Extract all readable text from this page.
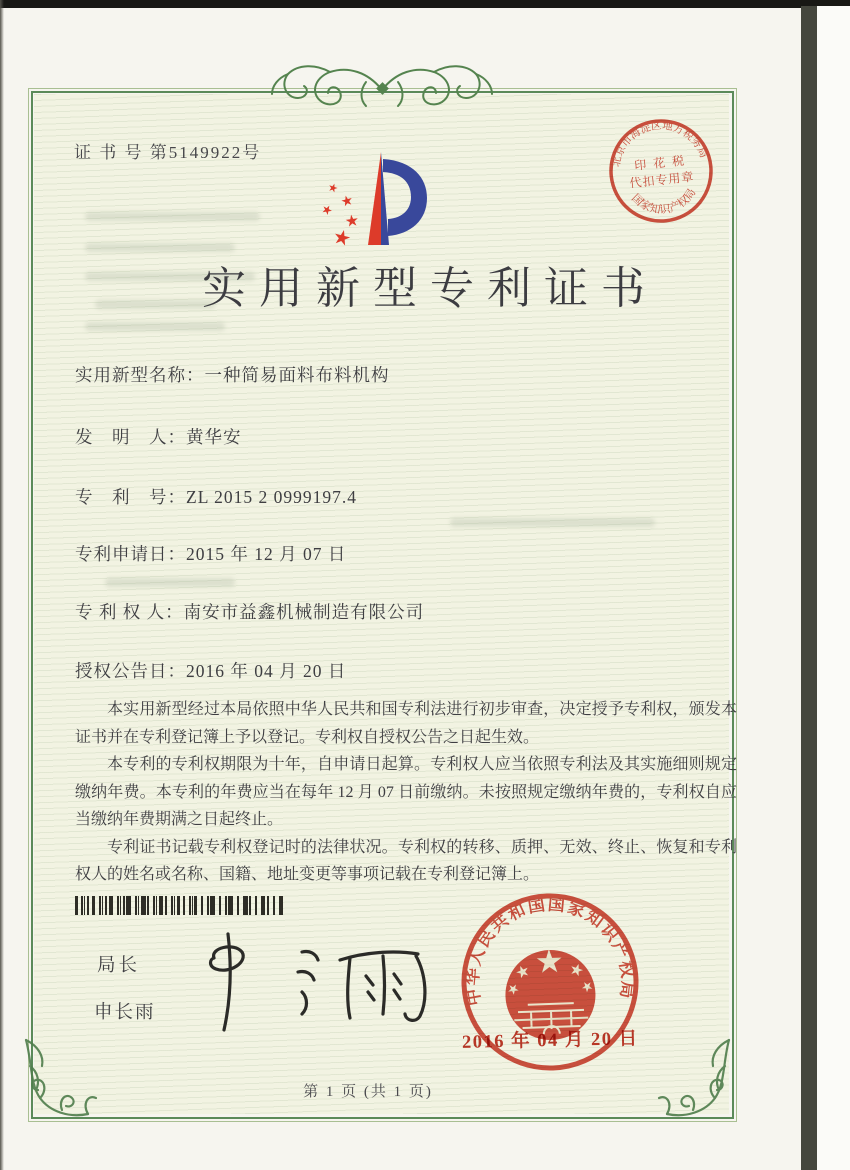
证 书 号 第5149922号
实用新型专利证书
实用新型名称：一种简易面料布料机构
发　明　人：黄华安
专　利　号：ZL 2015 2 0999197.4
专利申请日：2015 年 12 月 07 日
专 利 权 人：南安市益鑫机械制造有限公司
授权公告日：2016 年 04 月 20 日

本实用新型经过本局依照中华人民共和国专利法进行初步审查，决定授予专利权，颁发本证书并在专利登记簿上予以登记。专利权自授权公告之日起生效。

本专利的专利权期限为十年，自申请日起算。专利权人应当依照专利法及其实施细则规定缴纳年费。本专利的年费应当在每年 12 月 07 日前缴纳。未按照规定缴纳年费的，专利权自应当缴纳年费期满之日起终止。

专利证书记载专利权登记时的法律状况。专利权的转移、质押、无效、终止、恢复和专利权人的姓名或名称、国籍、地址变更等事项记载在专利登记簿上。

局长
申长雨
北京市海淀区地方税务局
国家知识产权局
印 花 税
代扣专用章
中华人民共和国国家知识产权局
2016 年 04 月 20 日
第 1 页 (共 1 页)
